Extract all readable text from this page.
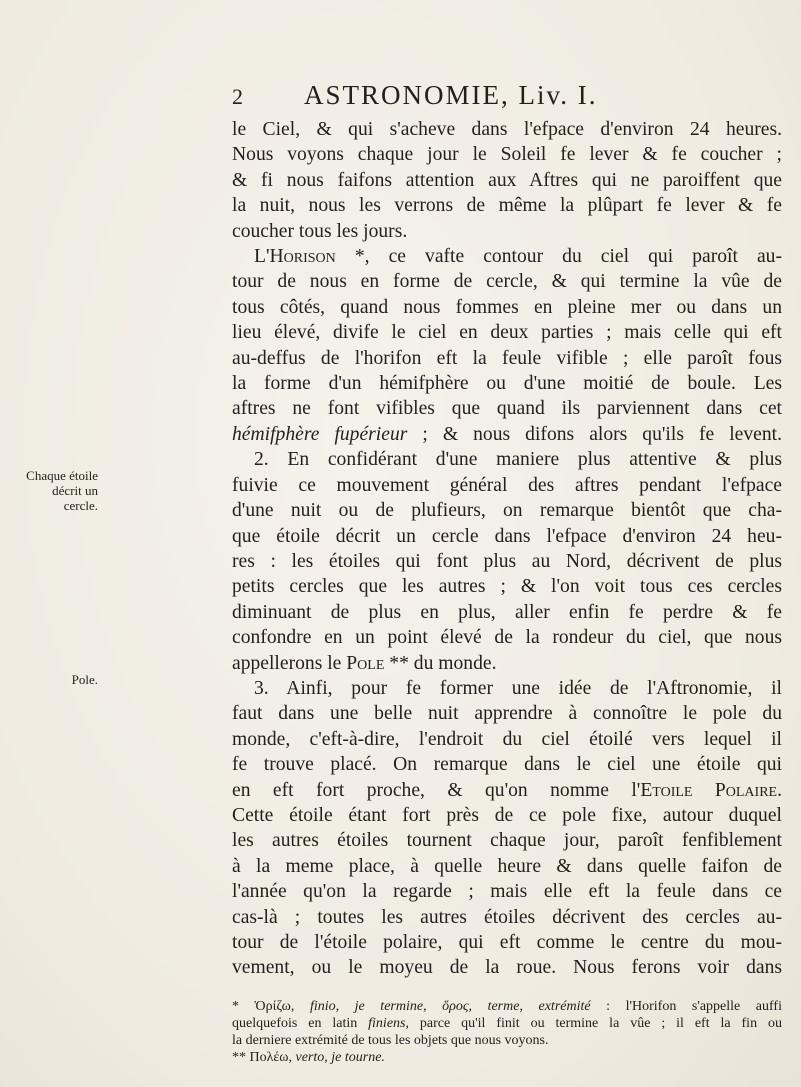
2 ASTRONOMIE, Liv. I.
Chaque étoile
décrit un cercle.
Pole.
le Ciel, & qui s'acheve dans l'efpace d'environ 24 heures.
Nous voyons chaque jour le Soleil fe lever & fe coucher ;
& fi nous faifons attention aux Aftres qui ne paroiffent que
la nuit, nous les verrons de même la plûpart fe lever & fe
coucher tous les jours.
L'Horison *, ce vafte contour du ciel qui paroît au-
tour de nous en forme de cercle, & qui termine la vûe de
tous côtés, quand nous fommes en pleine mer ou dans un
lieu élevé, divife le ciel en deux parties ; mais celle qui eft
au-deffus de l'horifon eft la feule vifible ; elle paroît fous
la forme d'un hémifphère ou d'une moitié de boule. Les
aftres ne font vifibles que quand ils parviennent dans cet
hémifphère fupérieur ; & nous difons alors qu'ils fe levent.
2. En confidérant d'une maniere plus attentive & plus
fuivie ce mouvement général des aftres pendant l'efpace
d'une nuit ou de plufieurs, on remarque bientôt que cha-
que étoile décrit un cercle dans l'efpace d'environ 24 heu-
res : les étoiles qui font plus au Nord, décrivent de plus
petits cercles que les autres ; & l'on voit tous ces cercles
diminuant de plus en plus, aller enfin fe perdre & fe
confondre en un point élevé de la rondeur du ciel, que nous
appellerons le Pole ** du monde.
3. Ainfi, pour fe former une idée de l'Aftronomie, il
faut dans une belle nuit apprendre à connoître le pole du
monde, c'eft-à-dire, l'endroit du ciel étoilé vers lequel il
fe trouve placé. On remarque dans le ciel une étoile qui
en eft fort proche, & qu'on nomme l'Etoile Polaire.
Cette étoile étant fort près de ce pole fixe, autour duquel
les autres étoiles tournent chaque jour, paroît fenfiblement
à la meme place, à quelle heure & dans quelle faifon de
l'année qu'on la regarde ; mais elle eft la feule dans ce
cas-là ; toutes les autres étoiles décrivent des cercles au-
tour de l'étoile polaire, qui eft comme le centre du mou-
vement, ou le moyeu de la roue. Nous ferons voir dans
* Ὁρίζω, finio, je termine, ὅρος, terme, extrémité : l'Horifon s'appelle auffi
quelquefois en latin finiens, parce qu'il finit ou termine la vûe ; il eft la fin ou
la derniere extrémité de tous les objets que nous voyons.
** Πολέω, verto, je tourne.
